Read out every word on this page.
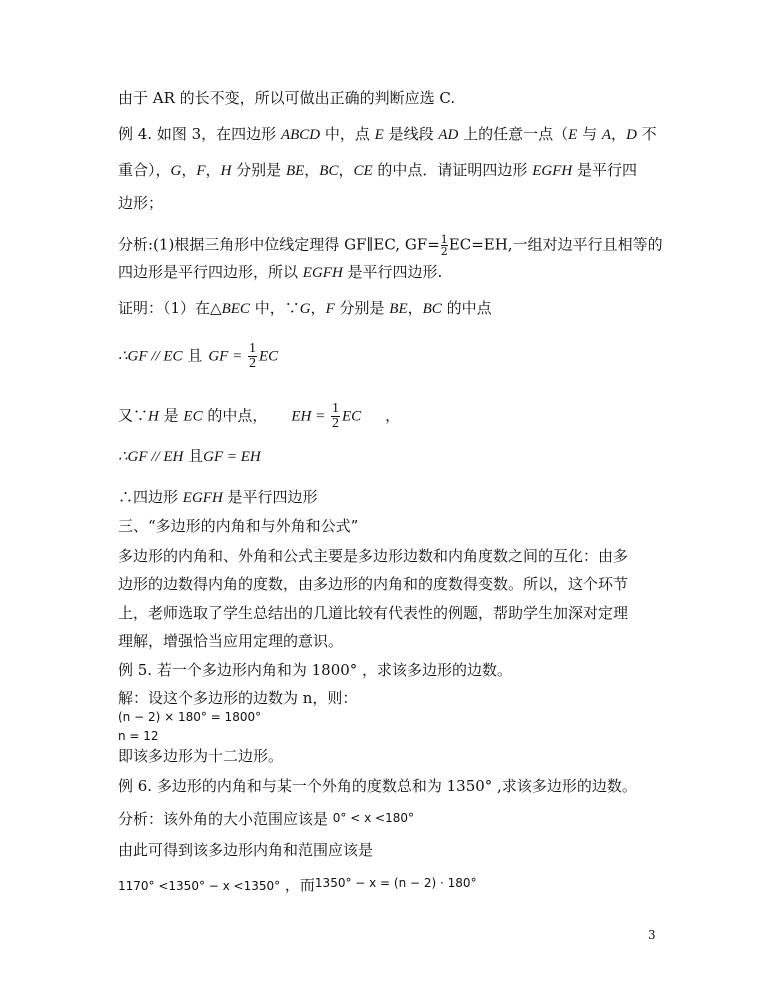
由于 AR 的长不变，所以可做出正确的判断应选 C.
例 4. 如图 3，在四边形 ABCD 中，点 E 是线段 AD 上的任意一点（E 与 A，D 不
重合），G，F，H 分别是 BE，BC，CE 的中点．请证明四边形 EGFH 是平行四
边形；
分析:(1)根据三角形中位线定理得 GF∥EC, $GF= \frac{1}{2} EC=EH$,一组对边平行且相等的
四边形是平行四边形，所以 EGFH 是平行四边形.
证明：（1）在△BEC 中，∵G，F 分别是 BE，BC 的中点
∴GF // EC 且 GF = $\frac{1}{2}$ EC
又∵H 是 EC 的中点， EH = $\frac{1}{2}$ EC ，
∴GF // EH 且GF = EH
∴四边形 EGFH 是平行四边形
三、“多边形的内角和与外角和公式”
多边形的内角和、外角和公式主要是多边形边数和内角度数之间的互化：由多
边形的边数得内角的度数，由多边形的内角和的度数得变数。所以，这个环节
上，老师选取了学生总结出的几道比较有代表性的例题，帮助学生加深对定理
理解，增强恰当应用定理的意识。
例 5. 若一个多边形内角和为 1800° ，求该多边形的边数。
解：设这个多边形的边数为 n，则：
(n − 2) × 180° = 1800°
n = 12
即该多边形为十二边形。
例 6. 多边形的内角和与某一个外角的度数总和为 1350° ,求该多边形的边数。
分析：该外角的大小范围应该是 0° < x <180°
由此可得到该多边形内角和范围应该是
1170° <1350° − x <1350° ，而$^{1350^\circ - x = (n - 2) \cdot 180^\circ}$
3
